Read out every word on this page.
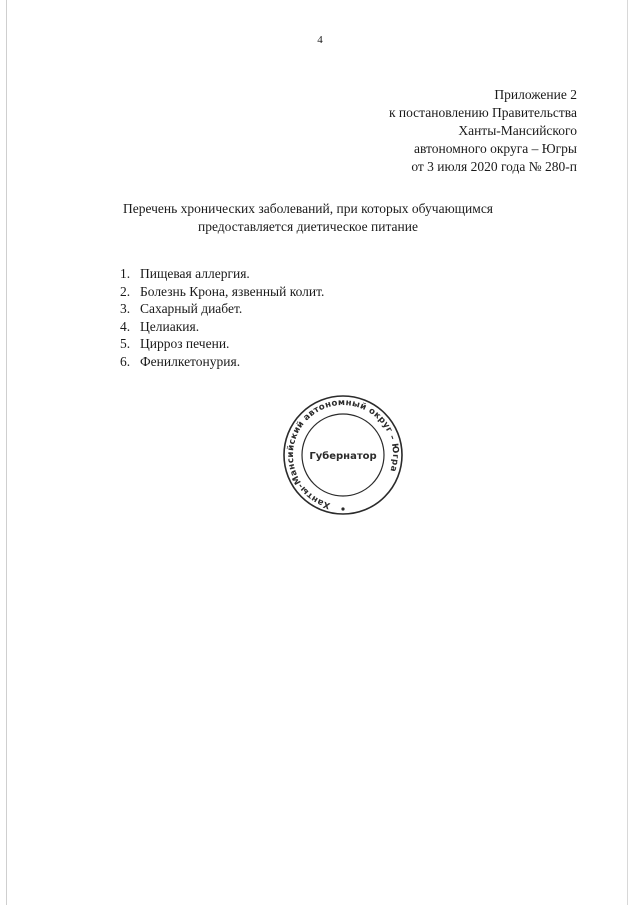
4
Приложение 2
к постановлению Правительства
Ханты-Мансийского
автономного округа – Югры
от 3 июля 2020 года № 280-п
Перечень хронических заболеваний, при которых обучающимся
предоставляется диетическое питание
1. Пищевая аллергия.
2. Болезнь Крона, язвенный колит.
3. Сахарный диабет.
4. Целиакия.
5. Цирроз печени.
6. Фенилкетонурия.
Ханты-Мансийский автономный округ – Югра
Губернатор
